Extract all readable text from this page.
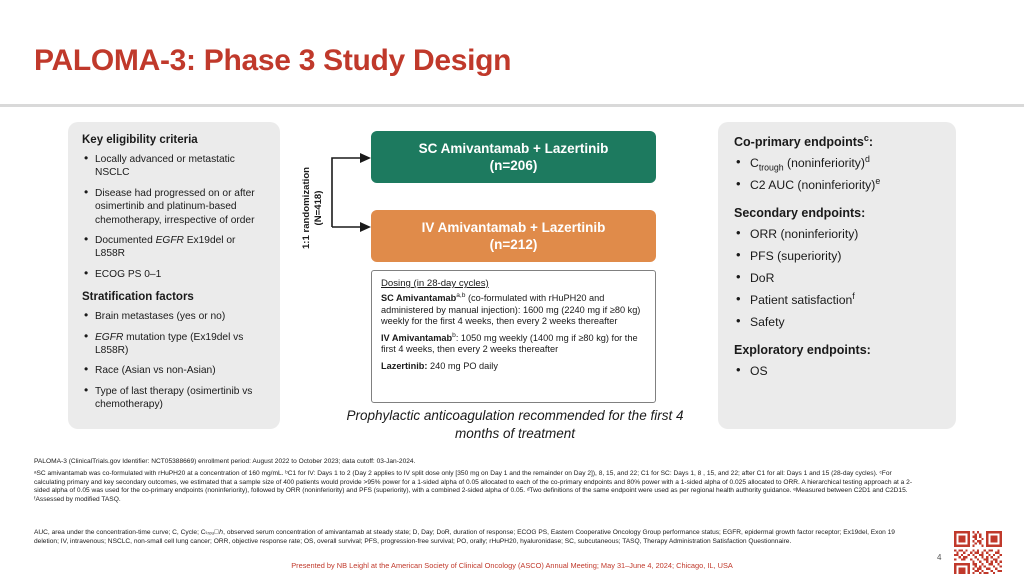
PALOMA-3: Phase 3 Study Design
Key eligibility criteria
• Locally advanced or metastatic NSCLC
• Disease had progressed on or after osimertinib and platinum-based chemotherapy, irrespective of order
• Documented EGFR Ex19del or L858R
• ECOG PS 0–1
Stratification factors
• Brain metastases (yes or no)
• EGFR mutation type (Ex19del vs L858R)
• Race (Asian vs non-Asian)
• Type of last therapy (osimertinib vs chemotherapy)
1:1 randomization
(N=418)
SC Amivantamab + Lazertinib
(n=206)
IV Amivantamab + Lazertinib
(n=212)
Dosing (in 28-day cycles)

SC Amivantamab$^{a,b}$ (co-formulated with rHuPH20 and administered by manual injection): 1600 mg (2240 mg if ≥80 kg) weekly for the first 4 weeks, then every 2 weeks thereafter

IV Amivantamab$^b$: 1050 mg weekly (1400 mg if ≥80 kg) for the first 4 weeks, then every 2 weeks thereafter

Lazertinib: 240 mg PO daily

Prophylactic anticoagulation recommended for the first 4 months of treatment
Co-primary endpoints$^c$:
• $C_{trough}$ (noninferiority)$^d$
• C2 AUC (noninferiority)$^e$
Secondary endpoints:
• ORR (noninferiority)
• PFS (superiority)
• DoR
• Patient satisfaction$^f$
• Safety
Exploratory endpoints:
• OS

PALOMA-3 (ClinicalTrials.gov Identifier: NCT05388669) enrollment period: August 2022 to October 2023; data cutoff: 03-Jan-2024.

ᵃSC amivantamab was co-formulated with rHuPH20 at a concentration of 160 mg/mL. ᵇC1 for IV: Days 1 to 2 (Day 2 applies to IV split dose only [350 mg on Day 1 and the remainder on Day 2]), 8, 15, and 22; C1 for SC: Days 1, 8 , 15, and 22; after C1 for all: Days 1 and 15 (28-day cycles). ᶜFor calculating primary and key secondary outcomes, we estimated that a sample size of 400 patients would provide >95% power for a 1-sided alpha of 0.05 allocated to each of the co-primary endpoints and 80% power with a 1-sided alpha of 0.025 allocated to ORR. A hierarchical testing approach at a 2-sided alpha of 0.05 was used for the co-primary endpoints (noninferiority), followed by ORR (noninferiority) and PFS (superiority), with a combined 2-sided alpha of 0.05. ᵈTwo definitions of the same endpoint were used as per regional health authority guidance. ᵉMeasured between C2D1 and C2D15. ᶠAssessed by modified TASQ.

AUC, area under the concentration-time curve; C, Cycle; Cₜᵣₒᵤ⃒ℎ, observed serum concentration of amivantamab at steady state; D, Day; DoR, duration of response; ECOG PS, Eastern Cooperative Oncology Group performance status; EGFR, epidermal growth factor receptor; Ex19del, Exon 19 deletion; IV, intravenous; NSCLC, non-small cell lung cancer; ORR, objective response rate; OS, overall survival; PFS, progression-free survival; PO, orally; rHuPH20, hyaluronidase; SC, subcutaneous; TASQ, Therapy Administration Satisfaction Questionnaire.

4
Presented by NB Leighl at the American Society of Clinical Oncology (ASCO) Annual Meeting; May 31–June 4, 2024; Chicago, IL, USA
